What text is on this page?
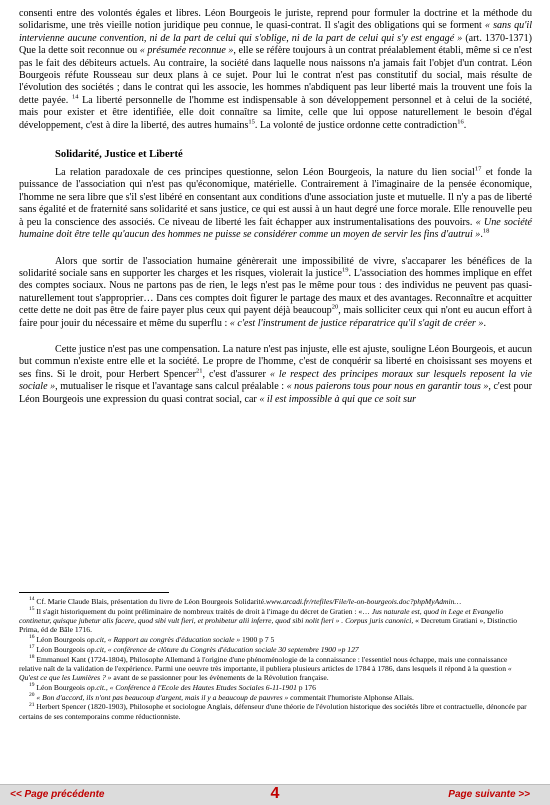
consenti entre des volontés égales et libres. Léon Bourgeois le juriste, reprend pour formuler la doctrine et la méthode du solidarisme, une très vieille notion juridique peu connue, le quasi-contrat. Il s'agit des obligations qui se forment « sans qu'il intervienne aucune convention, ni de la part de celui qui s'oblige, ni de la part de celui qui s'y est engagé » (art. 1370-1371) Que la dette soit reconnue ou « présumée reconnue », elle se réfère toujours à un contrat préalablement établi, même si ce n'est pas le fait des débiteurs actuels. Au contraire, la société dans laquelle nous naissons n'a jamais fait l'objet d'un contrat. Léon Bourgeois réfute Rousseau sur deux plans à ce sujet. Pour lui le contrat n'est pas constitutif du social, mais résulte de l'évolution des sociétés ; dans le contrat qui les associe, les hommes n'abdiquent pas leur liberté mais la trouvent une fois la dette payée. $^{14}$ La liberté personnelle de l'homme est indispensable à son développement personnel et à celui de la société, mais pour exister et être identifiée, elle doit connaître sa limite, celle que lui oppose naturellement le besoin d'égal développement, c'est à dire la liberté, des autres humains$^{15}$. La volonté de justice ordonne cette contradiction$^{16}$.

Solidarité, Justice et Liberté

La relation paradoxale de ces principes questionne, selon Léon Bourgeois, la nature du lien social$^{17}$ et fonde la puissance de l'association qui n'est pas qu'économique, matérielle. Contrairement à l'imaginaire de la pensée économique, l'homme ne sera libre que s'il s'est libéré en consentant aux conditions d'une association juste et mutuelle. Il n'y a pas de liberté sans égalité et de fraternité sans solidarité et sans justice, ce qui est aussi à un haut degré une force morale. Elle renouvelle peu à peu la conscience des associés. Ce niveau de liberté les fait échapper aux instrumentalisations des pouvoirs. « Une société humaine doit être telle qu'aucun des hommes ne puisse se considérer comme un moyen de servir les fins d'autrui ».$^{18}$

Alors que sortir de l'association humaine génèrerait une impossibilité de vivre, s'accaparer les bénéfices de la solidarité sociale sans en supporter les charges et les risques, violerait la justice$^{19}$. L'association des hommes implique en effet des comptes sociaux. Nous ne partons pas de rien, le legs n'est pas le même pour tous : des individus ne peuvent pas quasi-naturellement tout s'approprier… Dans ces comptes doit figurer le partage des maux et des avantages. Reconnaître et acquitter cette dette ne doit pas être de faire payer plus ceux qui payent déjà beaucoup$^{20}$, mais solliciter ceux qui n'ont eu aucun effort à faire pour jouir du nécessaire et même du superflu : « c'est l'instrument de justice réparatrice qu'il s'agit de créer ».

Cette justice n'est pas une compensation. La nature n'est pas injuste, elle est ajuste, souligne Léon Bourgeois, et aucun but commun n'existe entre elle et la société. Le propre de l'homme, c'est de conquérir sa liberté en choisissant ses moyens et ses fins. Si le droit, pour Herbert Spencer$^{21}$, c'est d'assurer « le respect des principes moraux sur lesquels reposent la vie sociale », mutualiser le risque et l'avantage sans calcul préalable : « nous paierons tous pour nous en garantir tous », c'est pour Léon Bourgeois une expression du quasi contrat social, car « il est impossible à qui que ce soit sur

$^{14}$ Cf. Marie Claude Blais, présentation du livre de Léon Bourgeois Solidarité.www.arcadi.fr/rtefiles/File/le-on-bourgeois.doc?phpMyAdmin…

$^{15}$ Il s'agit historiquement du point préliminaire de nombreux traités de droit à l'image du décret de Gratien : «… Jus naturale est, quod in Lege et Evangelio continetur, quisque jubetur alis facere, quod sibi vult fieri, et prohibetur alii inferre, quod sibi nolit fieri » . Corpus juris canonici, « Decretum Gratiani », Distinctio Prima, éd de Bâle 1716.

$^{16}$ Léon Bourgeois op.cit, « Rapport au congrès d'éducation sociale » 1900 p 7 5

$^{17}$ Léon Bourgeois op.cit, « conférence de clôture du Congrès d'éducation sociale 30 septembre 1900 »p 127

$^{18}$ Emmanuel Kant (1724-1804), Philosophe Allemand à l'origine d'une phénoménologie de la connaissance : l'essentiel nous échappe, mais une connaissance relative naît de la validation de l'expérience. Parmi une oeuvre très importante, il publiera plusieurs articles de 1784 à 1786, dans lesquels il répond à la question « Qu'est ce que les Lumières ? » avant de se passionner pour les évènements de la Révolution française.

$^{19}$ Léon Bourgeois op.cit., « Conférence à l'Ecole des Hautes Etudes Sociales 6-11-1901 p 176

$^{20}$ « Bon d'accord, ils n'ont pas beaucoup d'argent, mais il y a beaucoup de pauvres » commentait l'humoriste Alphonse Allais.

$^{21}$ Herbert Spencer (1820-1903), Philosophe et sociologue Anglais, défenseur d'une théorie de l'évolution historique des sociétés libre et contractuelle, dénoncée par certains de ses contemporains comme réductionniste.

<< Page précédente	4	Page suivante >>
